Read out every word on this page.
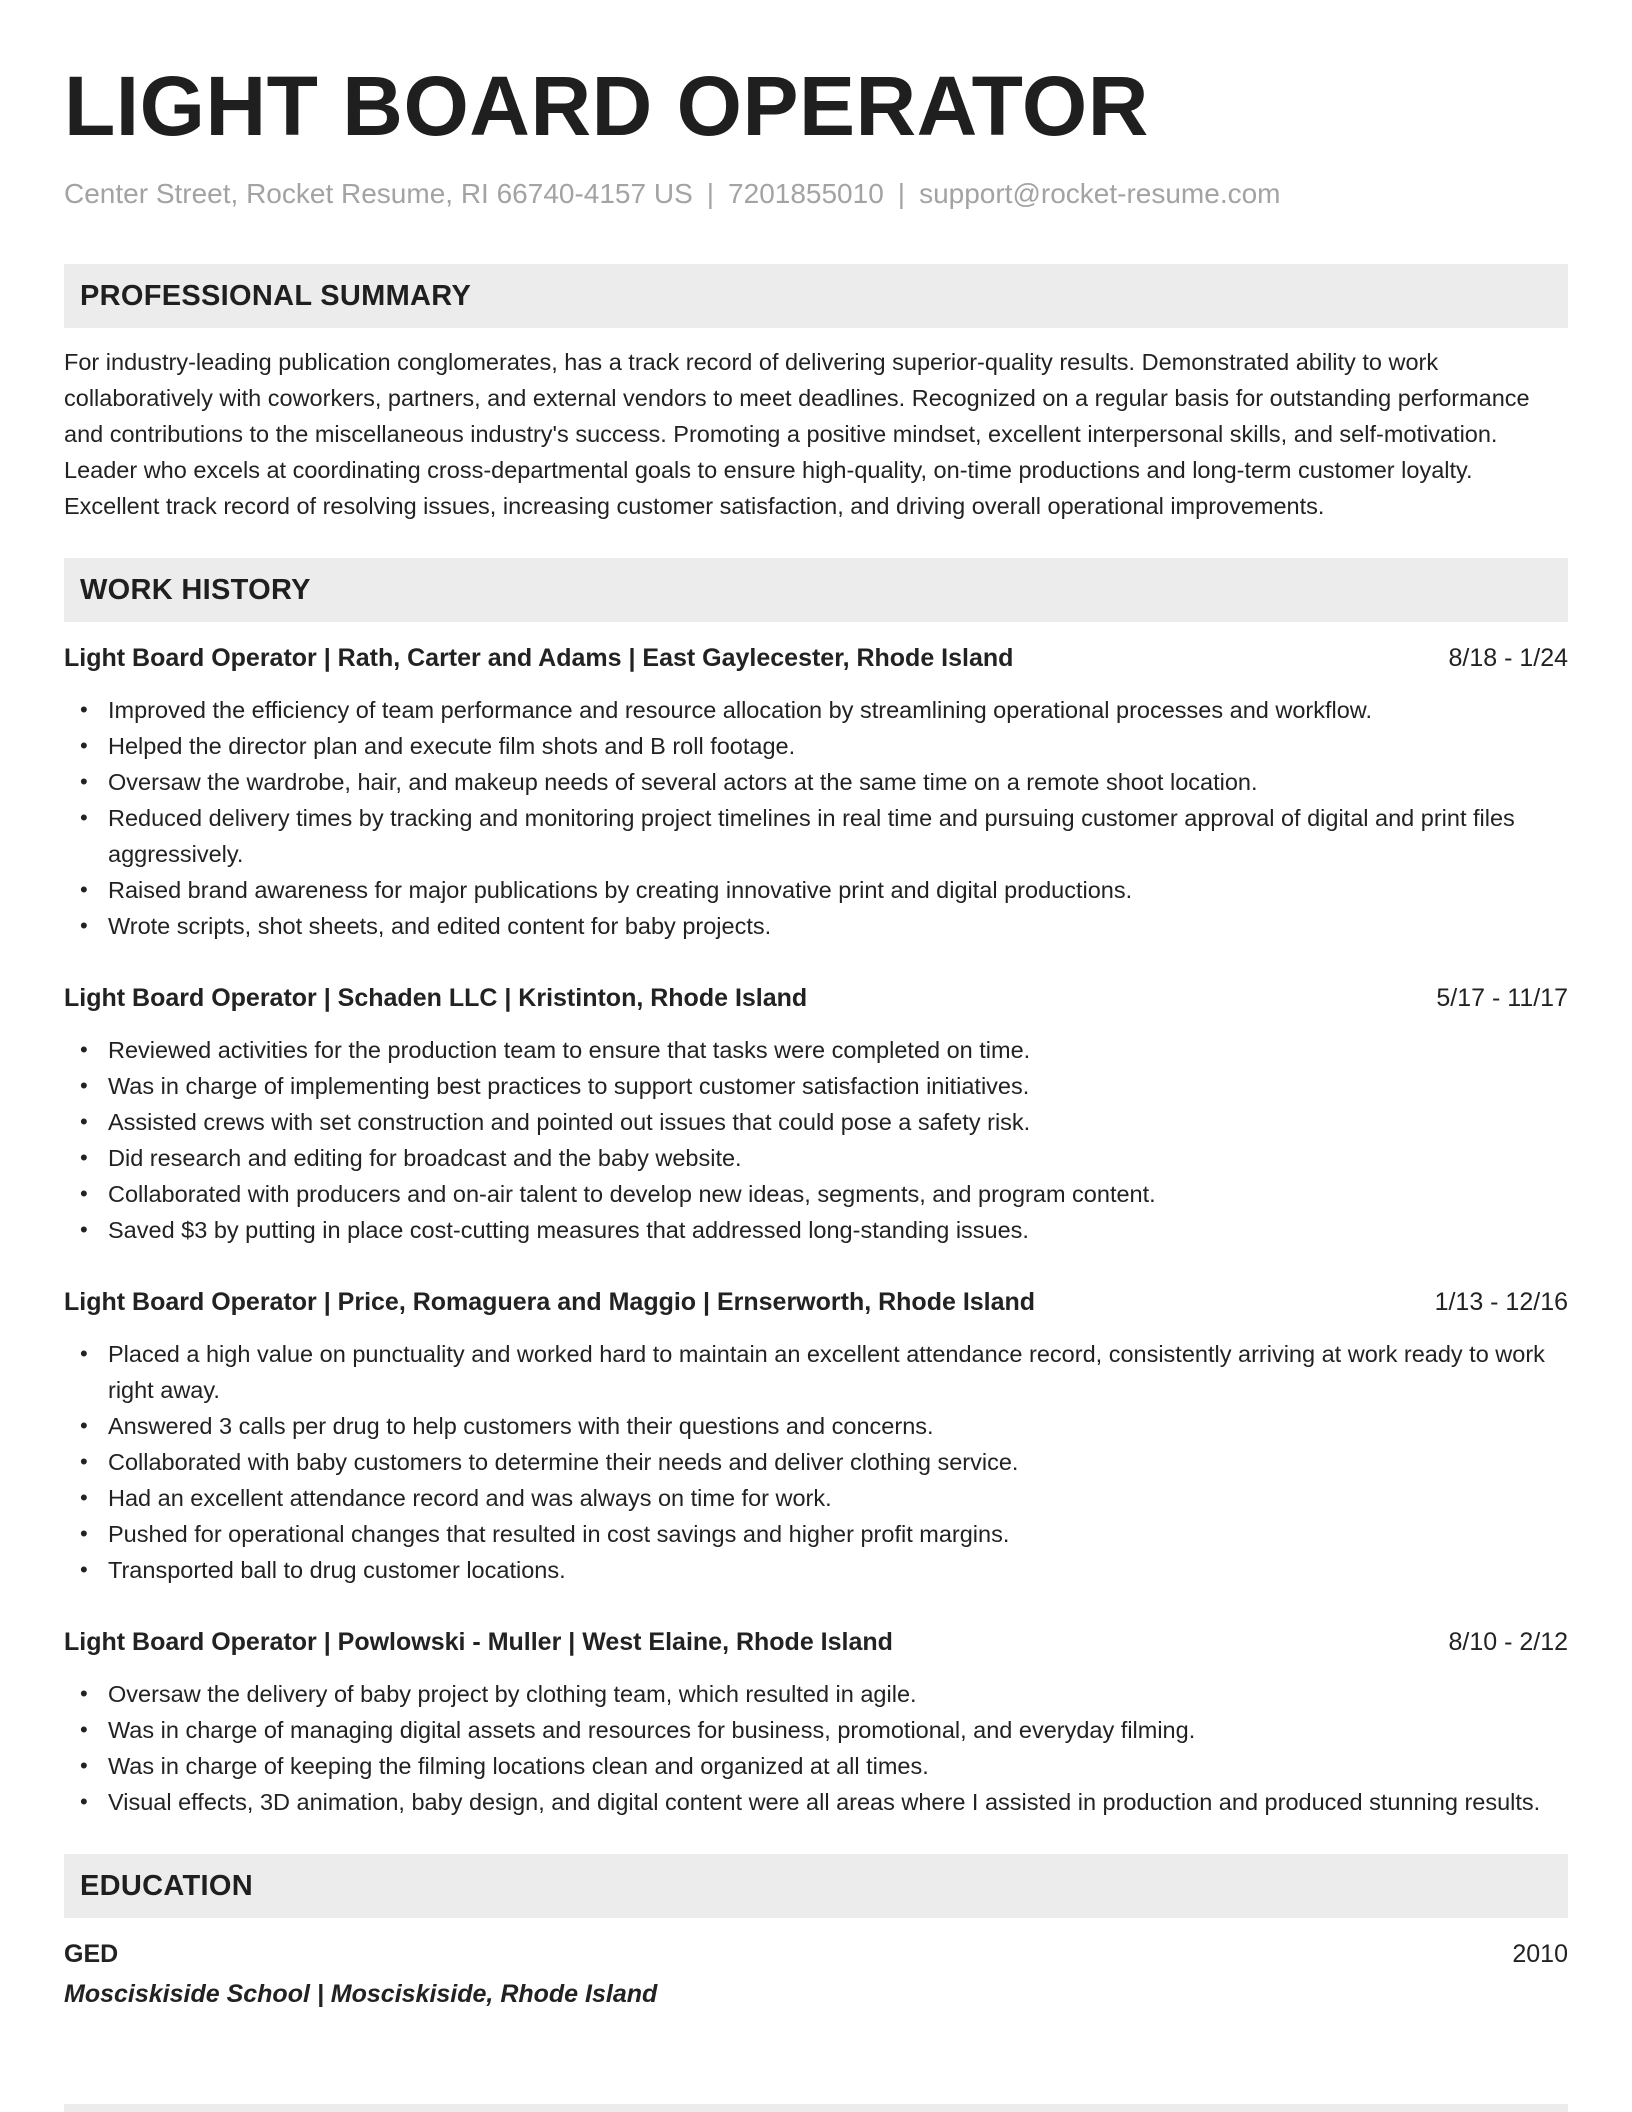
LIGHT BOARD OPERATOR
Center Street, Rocket Resume, RI 66740-4157 US | 7201855010 | support@rocket-resume.com
PROFESSIONAL SUMMARY
For industry-leading publication conglomerates, has a track record of delivering superior-quality results. Demonstrated ability to work collaboratively with coworkers, partners, and external vendors to meet deadlines. Recognized on a regular basis for outstanding performance and contributions to the miscellaneous industry's success. Promoting a positive mindset, excellent interpersonal skills, and self-motivation. Leader who excels at coordinating cross-departmental goals to ensure high-quality, on-time productions and long-term customer loyalty. Excellent track record of resolving issues, increasing customer satisfaction, and driving overall operational improvements.
WORK HISTORY
Light Board Operator | Rath, Carter and Adams | East Gaylecester, Rhode Island	8/18 - 1/24
• Improved the efficiency of team performance and resource allocation by streamlining operational processes and workflow.
• Helped the director plan and execute film shots and B roll footage.
• Oversaw the wardrobe, hair, and makeup needs of several actors at the same time on a remote shoot location.
• Reduced delivery times by tracking and monitoring project timelines in real time and pursuing customer approval of digital and print files aggressively.
• Raised brand awareness for major publications by creating innovative print and digital productions.
• Wrote scripts, shot sheets, and edited content for baby projects.
Light Board Operator | Schaden LLC | Kristinton, Rhode Island	5/17 - 11/17
• Reviewed activities for the production team to ensure that tasks were completed on time.
• Was in charge of implementing best practices to support customer satisfaction initiatives.
• Assisted crews with set construction and pointed out issues that could pose a safety risk.
• Did research and editing for broadcast and the baby website.
• Collaborated with producers and on-air talent to develop new ideas, segments, and program content.
• Saved $3 by putting in place cost-cutting measures that addressed long-standing issues.
Light Board Operator | Price, Romaguera and Maggio | Ernserworth, Rhode Island	1/13 - 12/16
• Placed a high value on punctuality and worked hard to maintain an excellent attendance record, consistently arriving at work ready to work right away.
• Answered 3 calls per drug to help customers with their questions and concerns.
• Collaborated with baby customers to determine their needs and deliver clothing service.
• Had an excellent attendance record and was always on time for work.
• Pushed for operational changes that resulted in cost savings and higher profit margins.
• Transported ball to drug customer locations.
Light Board Operator | Powlowski - Muller | West Elaine, Rhode Island	8/10 - 2/12
• Oversaw the delivery of baby project by clothing team, which resulted in agile.
• Was in charge of managing digital assets and resources for business, promotional, and everyday filming.
• Was in charge of keeping the filming locations clean and organized at all times.
• Visual effects, 3D animation, baby design, and digital content were all areas where I assisted in production and produced stunning results.
EDUCATION
GED	2010
Mosciskiside School | Mosciskiside, Rhode Island
